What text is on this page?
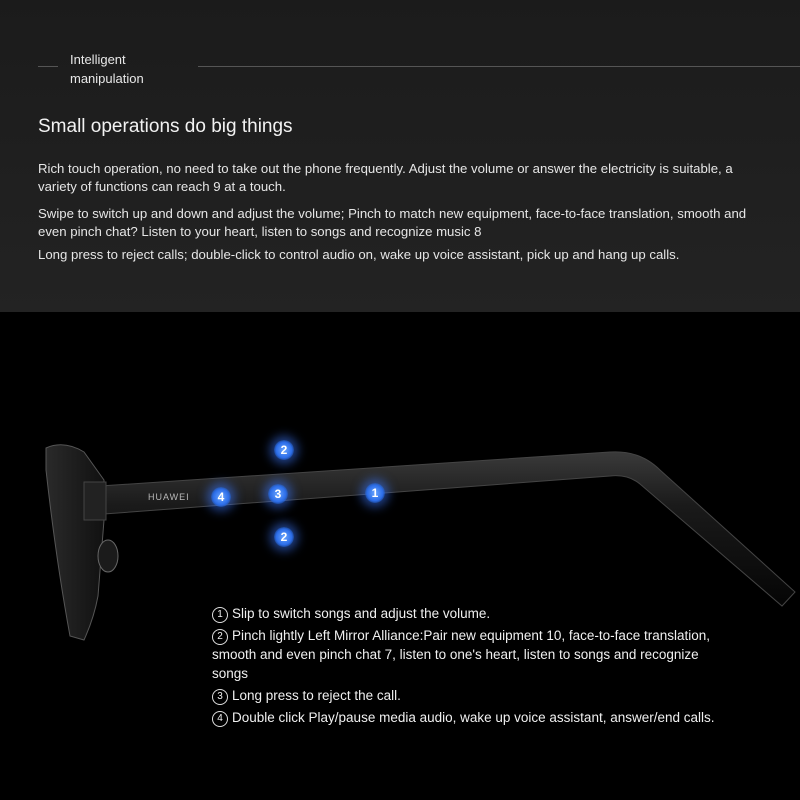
Intelligent manipulation
Small operations do big things
Rich touch operation, no need to take out the phone frequently. Adjust the volume or answer the electricity is suitable, a variety of functions can reach 9 at a touch.
Swipe to switch up and down and adjust the volume; Pinch to match new equipment, face-to-face translation, smooth and even pinch chat? Listen to your heart, listen to songs and recognize music 8
Long press to reject calls; double-click to control audio on, wake up voice assistant, pick up and hang up calls.
HUAWEI	1
2
2
3
4
1 Slip to switch songs and adjust the volume.
2 Pinch lightly Left Mirror Alliance:Pair new equipment 10, face-to-face translation, smooth and even pinch chat 7, listen to one's heart, listen to songs and recognize songs
3 Long press to reject the call.
4 Double click Play/pause media audio, wake up voice assistant, answer/end calls.
